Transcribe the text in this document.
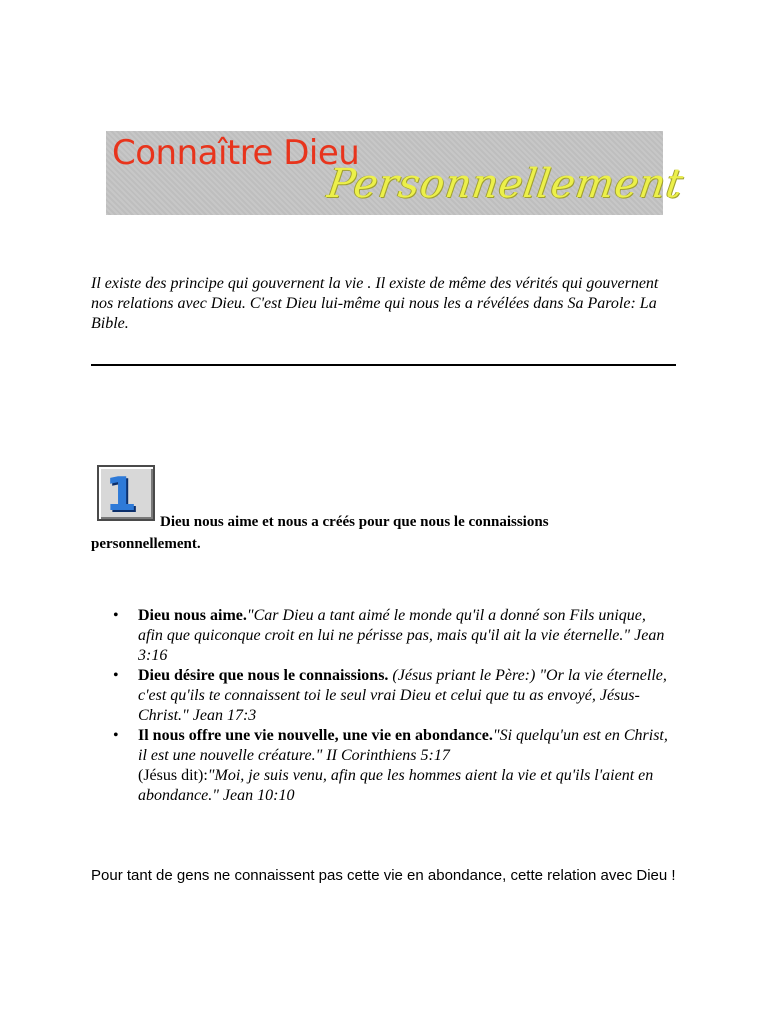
Connaître Dieu
Personnellement
Il existe des principe qui gouvernent la vie . Il existe de même des vérités qui gouvernent nos relations avec Dieu. C'est Dieu lui-même qui nous les a révélées dans Sa Parole: La Bible.
1
Dieu nous aime et nous a créés pour que nous le connaissions
personnellement.
• Dieu nous aime."Car Dieu a tant aimé le monde qu'il a donné son Fils unique, afin que quiconque croit en lui ne périsse pas, mais qu'il ait la vie éternelle." Jean 3:16
• Dieu désire que nous le connaissions. (Jésus priant le Père:) "Or la vie éternelle, c'est qu'ils te connaissent toi le seul vrai Dieu et celui que tu as envoyé, Jésus-Christ." Jean 17:3
• Il nous offre une vie nouvelle, une vie en abondance."Si quelqu'un est en Christ, il est une nouvelle créature." II Corinthiens 5:17
(Jésus dit):"Moi, je suis venu, afin que les hommes aient la vie et qu'ils l'aient en abondance." Jean 10:10
Pour tant de gens ne connaissent pas cette vie en abondance, cette relation avec Dieu !
